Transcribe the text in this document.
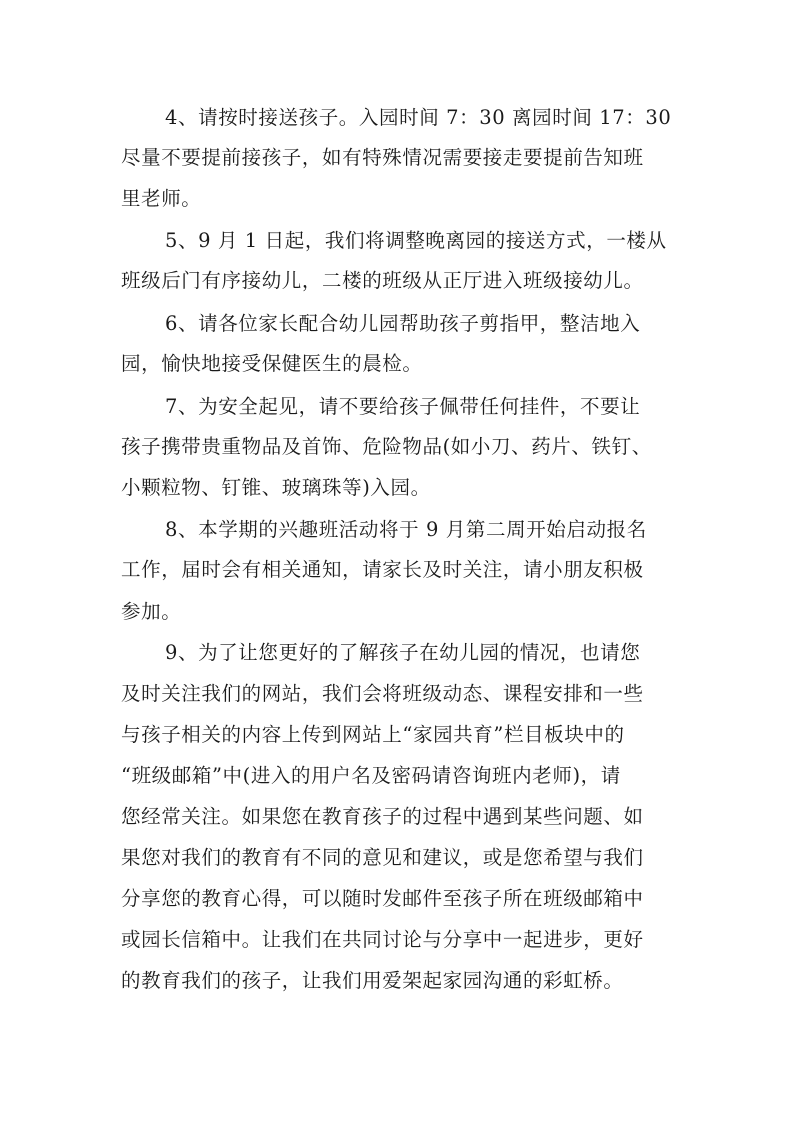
4、请按时接送孩子。入园时间 7：30 离园时间 17：30
尽量不要提前接孩子，如有特殊情况需要接走要提前告知班
里老师。
5、9 月 1 日起，我们将调整晚离园的接送方式，一楼从
班级后门有序接幼儿，二楼的班级从正厅进入班级接幼儿。
6、请各位家长配合幼儿园帮助孩子剪指甲，整洁地入
园，愉快地接受保健医生的晨检。
7、为安全起见，请不要给孩子佩带任何挂件，不要让
孩子携带贵重物品及首饰、危险物品(如小刀、药片、铁钉、
小颗粒物、钉锥、玻璃珠等)入园。
8、本学期的兴趣班活动将于 9 月第二周开始启动报名
工作，届时会有相关通知，请家长及时关注，请小朋友积极
参加。
9、为了让您更好的了解孩子在幼儿园的情况，也请您
及时关注我们的网站，我们会将班级动态、课程安排和一些
与孩子相关的内容上传到网站上“家园共育”栏目板块中的
“班级邮箱”中(进入的用户名及密码请咨询班内老师)，请
您经常关注。如果您在教育孩子的过程中遇到某些问题、如
果您对我们的教育有不同的意见和建议，或是您希望与我们
分享您的教育心得，可以随时发邮件至孩子所在班级邮箱中
或园长信箱中。让我们在共同讨论与分享中一起进步，更好
的教育我们的孩子，让我们用爱架起家园沟通的彩虹桥。
